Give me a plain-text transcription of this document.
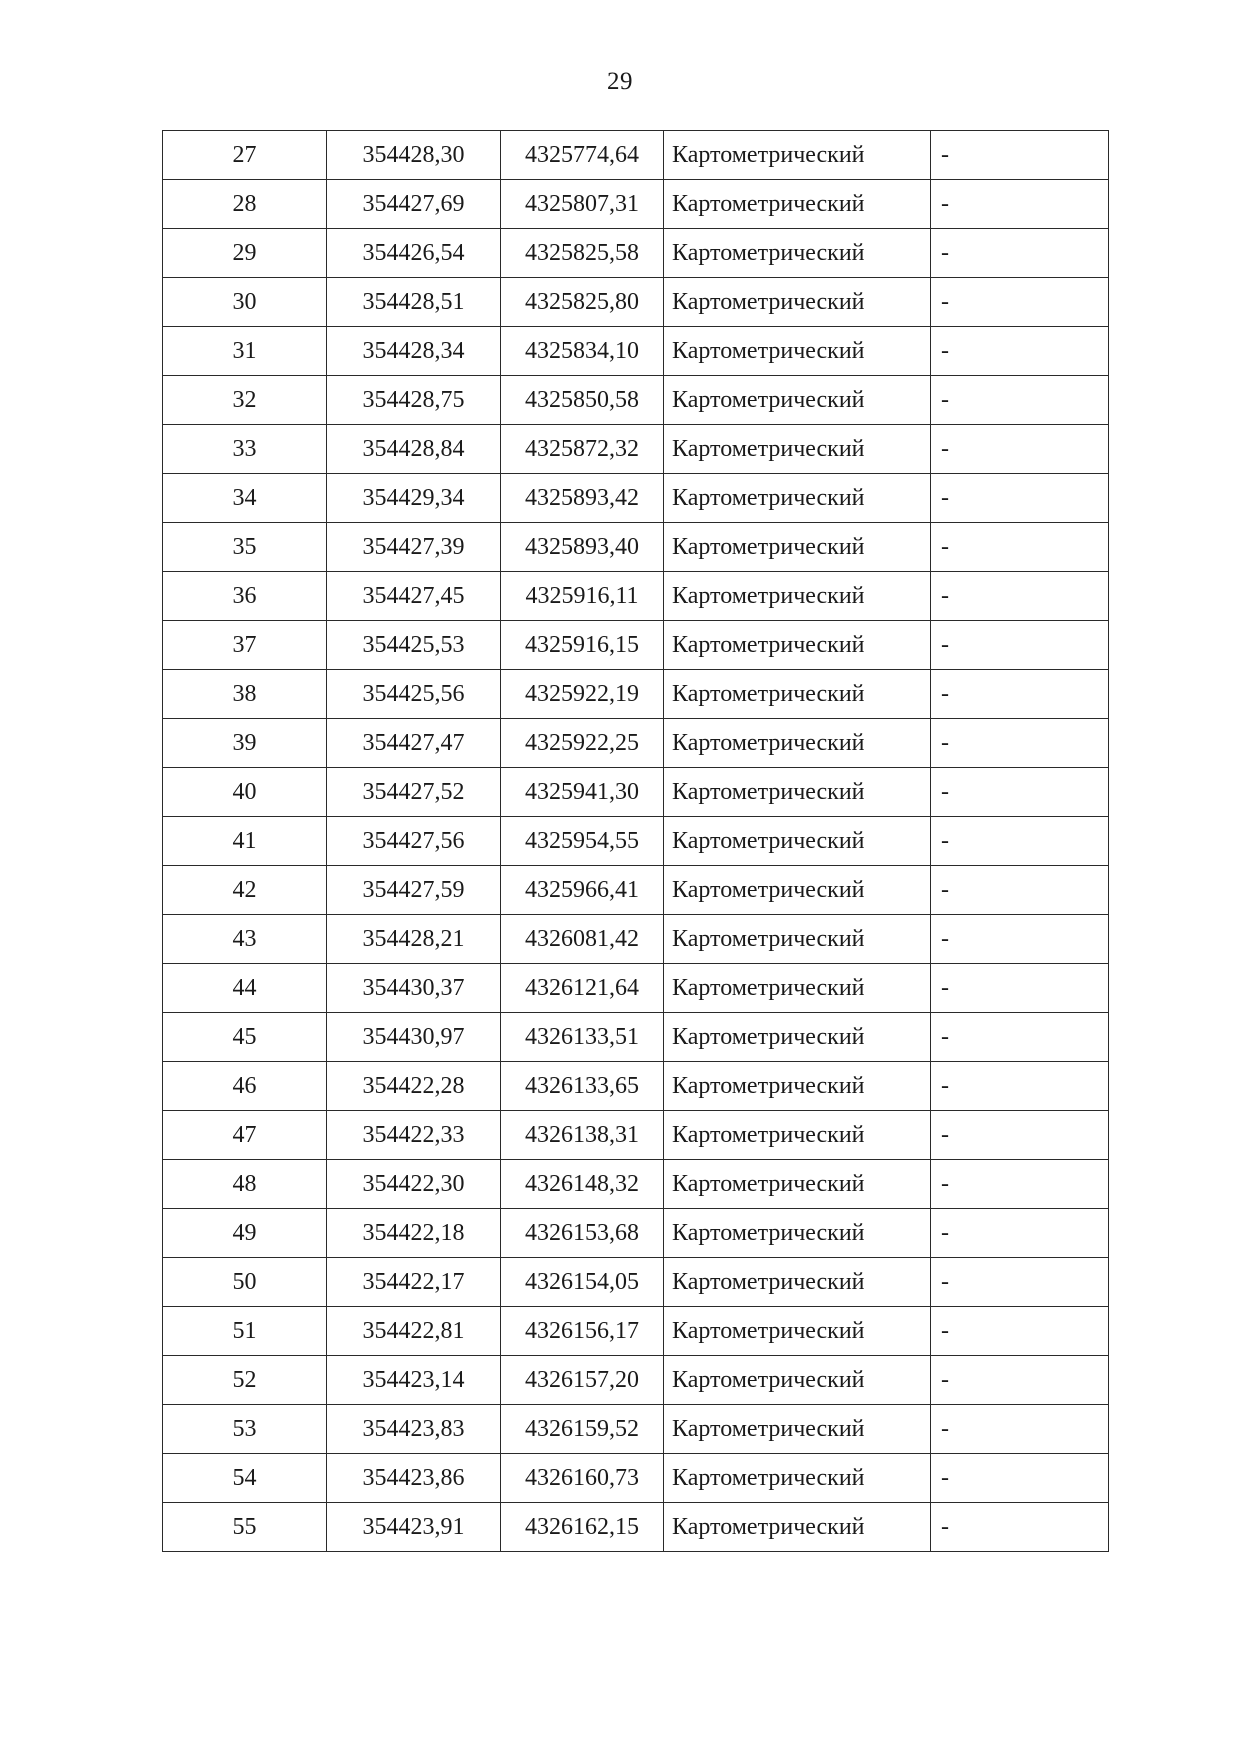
29
27	354428,30	4325774,64	Картометрический	-
28	354427,69	4325807,31	Картометрический	-
29	354426,54	4325825,58	Картометрический	-
30	354428,51	4325825,80	Картометрический	-
31	354428,34	4325834,10	Картометрический	-
32	354428,75	4325850,58	Картометрический	-
33	354428,84	4325872,32	Картометрический	-
34	354429,34	4325893,42	Картометрический	-
35	354427,39	4325893,40	Картометрический	-
36	354427,45	4325916,11	Картометрический	-
37	354425,53	4325916,15	Картометрический	-
38	354425,56	4325922,19	Картометрический	-
39	354427,47	4325922,25	Картометрический	-
40	354427,52	4325941,30	Картометрический	-
41	354427,56	4325954,55	Картометрический	-
42	354427,59	4325966,41	Картометрический	-
43	354428,21	4326081,42	Картометрический	-
44	354430,37	4326121,64	Картометрический	-
45	354430,97	4326133,51	Картометрический	-
46	354422,28	4326133,65	Картометрический	-
47	354422,33	4326138,31	Картометрический	-
48	354422,30	4326148,32	Картометрический	-
49	354422,18	4326153,68	Картометрический	-
50	354422,17	4326154,05	Картометрический	-
51	354422,81	4326156,17	Картометрический	-
52	354423,14	4326157,20	Картометрический	-
53	354423,83	4326159,52	Картометрический	-
54	354423,86	4326160,73	Картометрический	-
55	354423,91	4326162,15	Картометрический	-
